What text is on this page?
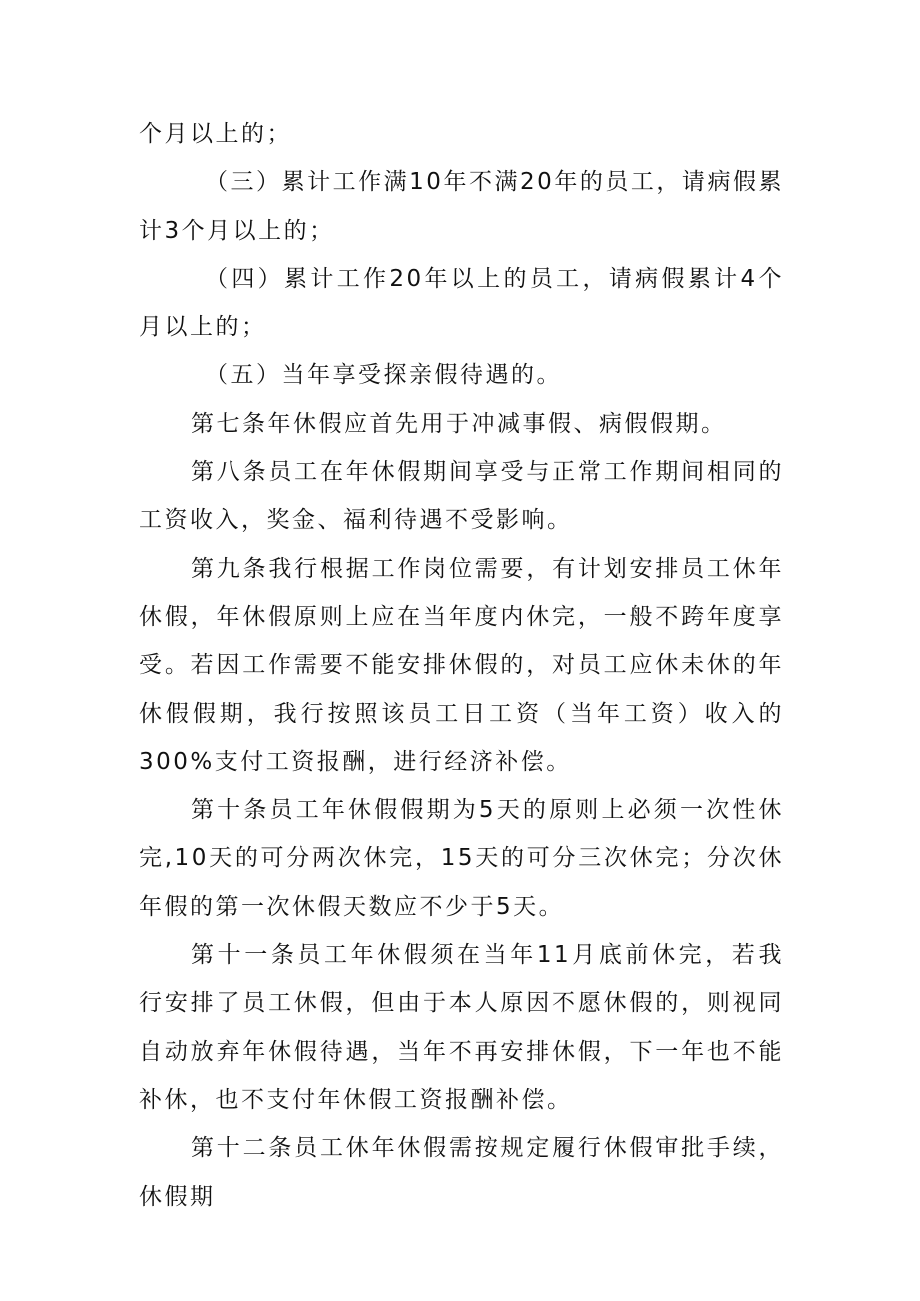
个月以上的；

（三）累计工作满10年不满20年的员工，请病假累计3个月以上的；

（四）累计工作20年以上的员工，请病假累计4个月以上的；

（五）当年享受探亲假待遇的。

第七条年休假应首先用于冲减事假、病假假期。

第八条员工在年休假期间享受与正常工作期间相同的工资收入，奖金、福利待遇不受影响。

第九条我行根据工作岗位需要，有计划安排员工休年休假，年休假原则上应在当年度内休完，一般不跨年度享受。若因工作需要不能安排休假的，对员工应休未休的年休假假期，我行按照该员工日工资（当年工资）收入的300%支付工资报酬，进行经济补偿。

第十条员工年休假假期为5天的原则上必须一次性休完,10天的可分两次休完，15天的可分三次休完；分次休年假的第一次休假天数应不少于5天。

第十一条员工年休假须在当年11月底前休完，若我行安排了员工休假，但由于本人原因不愿休假的，则视同自动放弃年休假待遇，当年不再安排休假，下一年也不能补休，也不支付年休假工资报酬补偿。

第十二条员工休年休假需按规定履行休假审批手续，休假期
